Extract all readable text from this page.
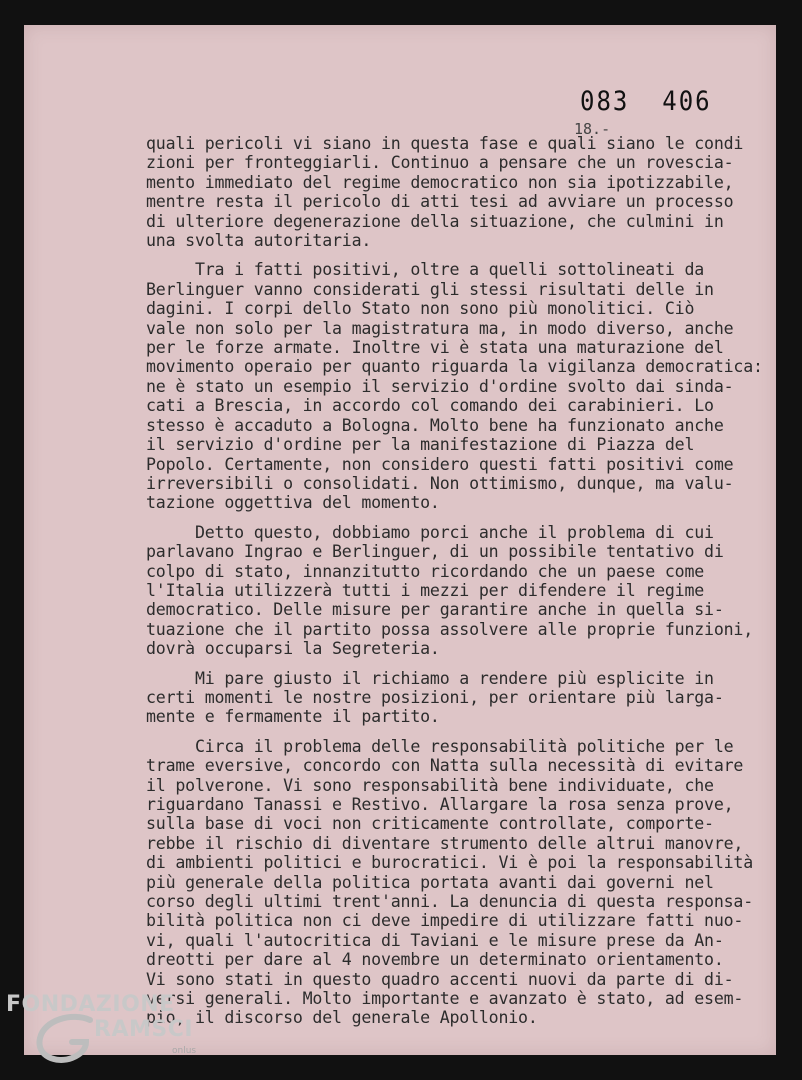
083  406
18.-
quali pericoli vi siano in questa fase e quali siano le condi
zioni per fronteggiarli. Continuo a pensare che un rovescia-
mento immediato del regime democratico non sia ipotizzabile,
mentre resta il pericolo di atti tesi ad avviare un processo
di ulteriore degenerazione della situazione, che culmini in
una svolta autoritaria.
Tra i fatti positivi, oltre a quelli sottolineati da
Berlinguer vanno considerati gli stessi risultati delle in
dagini. I corpi dello Stato non sono più monolitici. Ciò
vale non solo per la magistratura ma, in modo diverso, anche
per le forze armate. Inoltre vi è stata una maturazione del
movimento operaio per quanto riguarda la vigilanza democratica:
ne è stato un esempio il servizio d'ordine svolto dai sinda-
cati a Brescia, in accordo col comando dei carabinieri. Lo
stesso è accaduto a Bologna. Molto bene ha funzionato anche
il servizio d'ordine per la manifestazione di Piazza del
Popolo. Certamente, non considero questi fatti positivi come
irreversibili o consolidati. Non ottimismo, dunque, ma valu-
tazione oggettiva del momento.
Detto questo, dobbiamo porci anche il problema di cui
parlavano Ingrao e Berlinguer, di un possibile tentativo di
colpo di stato, innanzitutto ricordando che un paese come
l'Italia utilizzerà tutti i mezzi per difendere il regime
democratico. Delle misure per garantire anche in quella si-
tuazione che il partito possa assolvere alle proprie funzioni,
dovrà occuparsi la Segreteria.
Mi pare giusto il richiamo a rendere più esplicite in
certi momenti le nostre posizioni, per orientare più larga-
mente e fermamente il partito.
Circa il problema delle responsabilità politiche per le
trame eversive, concordo con Natta sulla necessità di evitare
il polverone. Vi sono responsabilità bene individuate, che
riguardano Tanassi e Restivo. Allargare la rosa senza prove,
sulla base di voci non criticamente controllate, comporte-
rebbe il rischio di diventare strumento delle altrui manovre,
di ambienti politici e burocratici. Vi è poi la responsabilità
più generale della politica portata avanti dai governi nel
corso degli ultimi trent'anni. La denuncia di questa responsa-
bilità politica non ci deve impedire di utilizzare fatti nuo-
vi, quali l'autocritica di Taviani e le misure prese da An-
dreotti per dare al 4 novembre un determinato orientamento.
Vi sono stati in questo quadro accenti nuovi da parte di di-
versi generali. Molto importante e avanzato è stato, ad esem-
pio, il discorso del generale Apollonio.
FONDAZIONE
RAMSCI
onlus
